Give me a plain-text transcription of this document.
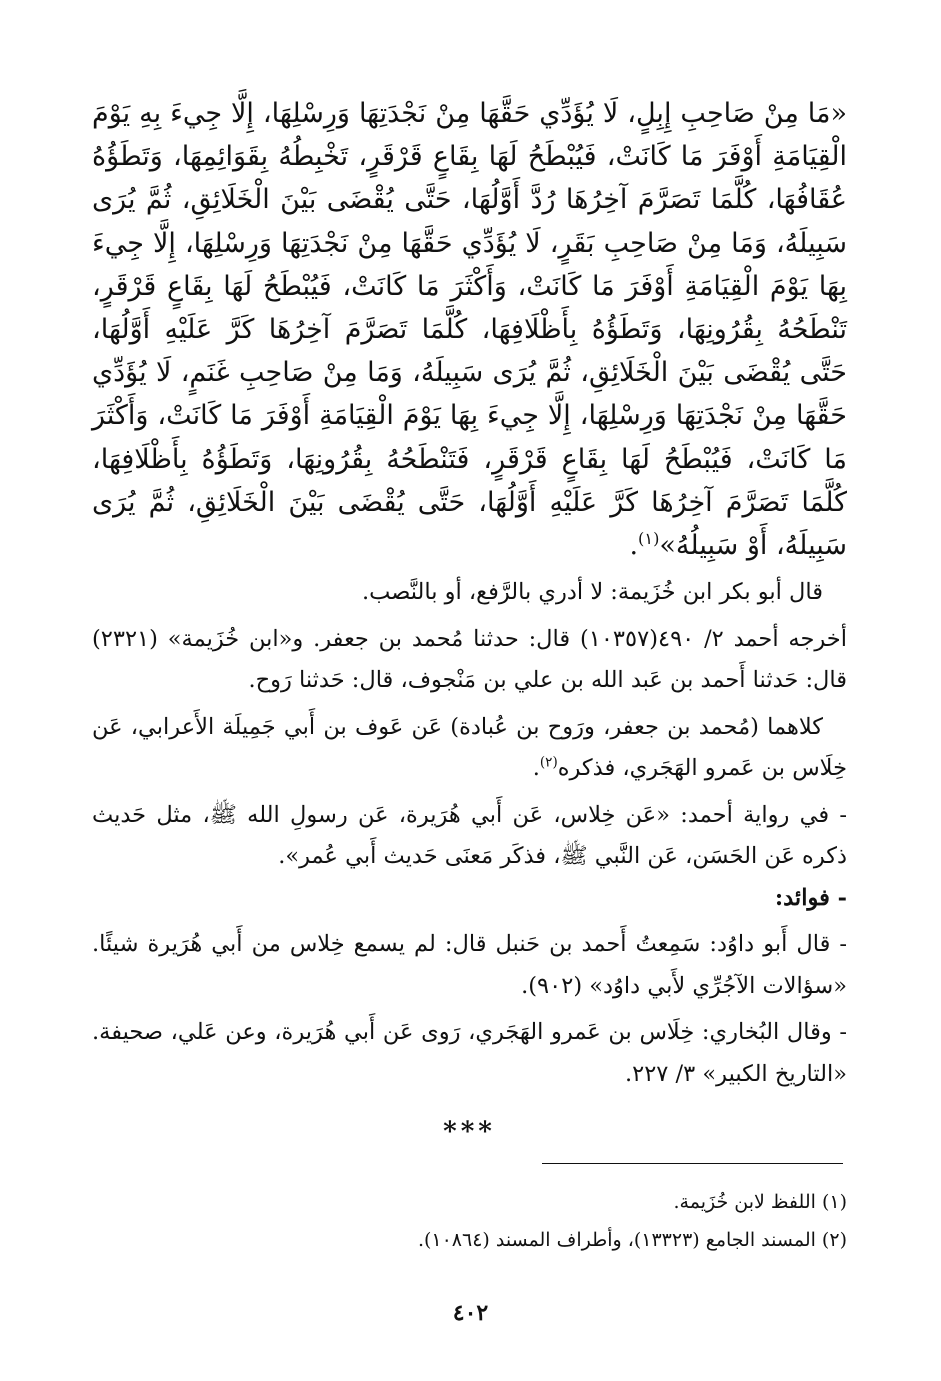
«مَا مِنْ صَاحِبِ إِبِلٍ، لَا يُؤَدِّي حَقَّهَا مِنْ نَجْدَتِهَا وَرِسْلِهَا، إِلَّا جِيءَ بِهِ يَوْمَ الْقِيَامَةِ أَوْفَرَ مَا كَانَتْ، فَيُبْطَحُ لَهَا بِقَاعٍ قَرْقَرٍ، تَخْبِطُهُ بِقَوَائِمِهَا، وَتَطَؤُهُ عُقَافُهَا، كُلَّمَا تَصَرَّمَ آخِرُهَا رُدَّ أَوَّلُهَا، حَتَّى يُقْضَى بَيْنَ الْخَلَائِقِ، ثُمَّ يُرَى سَبِيلَهُ، وَمَا مِنْ صَاحِبِ بَقَرٍ، لَا يُؤَدِّي حَقَّهَا مِنْ نَجْدَتِهَا وَرِسْلِهَا، إِلَّا جِيءَ بِهَا يَوْمَ الْقِيَامَةِ أَوْفَرَ مَا كَانَتْ، وَأَكْثَرَ مَا كَانَتْ، فَيُبْطَحُ لَهَا بِقَاعٍ قَرْقَرٍ، تَنْطَحُهُ بِقُرُونِهَا، وَتَطَؤُهُ بِأَظْلَافِهَا، كُلَّمَا تَصَرَّمَ آخِرُهَا كَرَّ عَلَيْهِ أَوَّلُهَا، حَتَّى يُقْضَى بَيْنَ الْخَلَائِقِ، ثُمَّ يُرَى سَبِيلَهُ، وَمَا مِنْ صَاحِبِ غَنَمٍ، لَا يُؤَدِّي حَقَّهَا مِنْ نَجْدَتِهَا وَرِسْلِهَا، إِلَّا جِيءَ بِهَا يَوْمَ الْقِيَامَةِ أَوْفَرَ مَا كَانَتْ، وَأَكْثَرَ مَا كَانَتْ، فَيُبْطَحُ لَهَا بِقَاعٍ قَرْقَرٍ، فَتَنْطَحُهُ بِقُرُونِهَا، وَتَطَؤُهُ بِأَظْلَافِهَا، كُلَّمَا تَصَرَّمَ آخِرُهَا كَرَّ عَلَيْهِ أَوَّلُهَا، حَتَّى يُقْضَى بَيْنَ الْخَلَائِقِ، ثُمَّ يُرَى سَبِيلَهُ، أَوْ سَبِيلُهُ»$^{(١)}$.

قال أبو بكر ابن خُزَيمة: لا أدري بالرَّفع، أو بالنَّصب.

أخرجه أحمد ٢/ ٤٩٠(١٠٣٥٧) قال: حدثنا مُحمد بن جعفر. و«ابن خُزَيمة» (٢٣٢١) قال: حَدثنا أَحمد بن عَبد الله بن علي بن مَنْجوف، قال: حَدثنا رَوح.

كلاهما (مُحمد بن جعفر، ورَوح بن عُبادة) عَن عَوف بن أَبي جَمِيلَة الأَعرابي، عَن خِلَاس بن عَمرو الهَجَري، فذكره$^{(٢)}$.

- في رواية أحمد: «عَن خِلاس، عَن أَبي هُرَيرة، عَن رسولِ الله ﷺ، مثل حَديث ذكره عَن الحَسَن، عَن النَّبي ﷺ، فذكَر مَعنَى حَديث أَبي عُمر».

- فوائد:

- قال أَبو داوُد: سَمِعتُ أَحمد بن حَنبل قال: لم يسمع خِلاس من أَبي هُرَيرة شيئًا. «سؤالات الآجُرِّي لأَبي داوُد» (٩٠٢).

- وقال البُخاري: خِلَاس بن عَمرو الهَجَري، رَوى عَن أَبي هُرَيرة، وعن عَلي، صحيفة. «التاريخ الكبير» ٣/ ٢٢٧.

***

(١) اللفظ لابن خُزَيمة.

(٢) المسند الجامع (١٣٣٢٣)، وأطراف المسند (١٠٨٦٤).

٤٠٢
